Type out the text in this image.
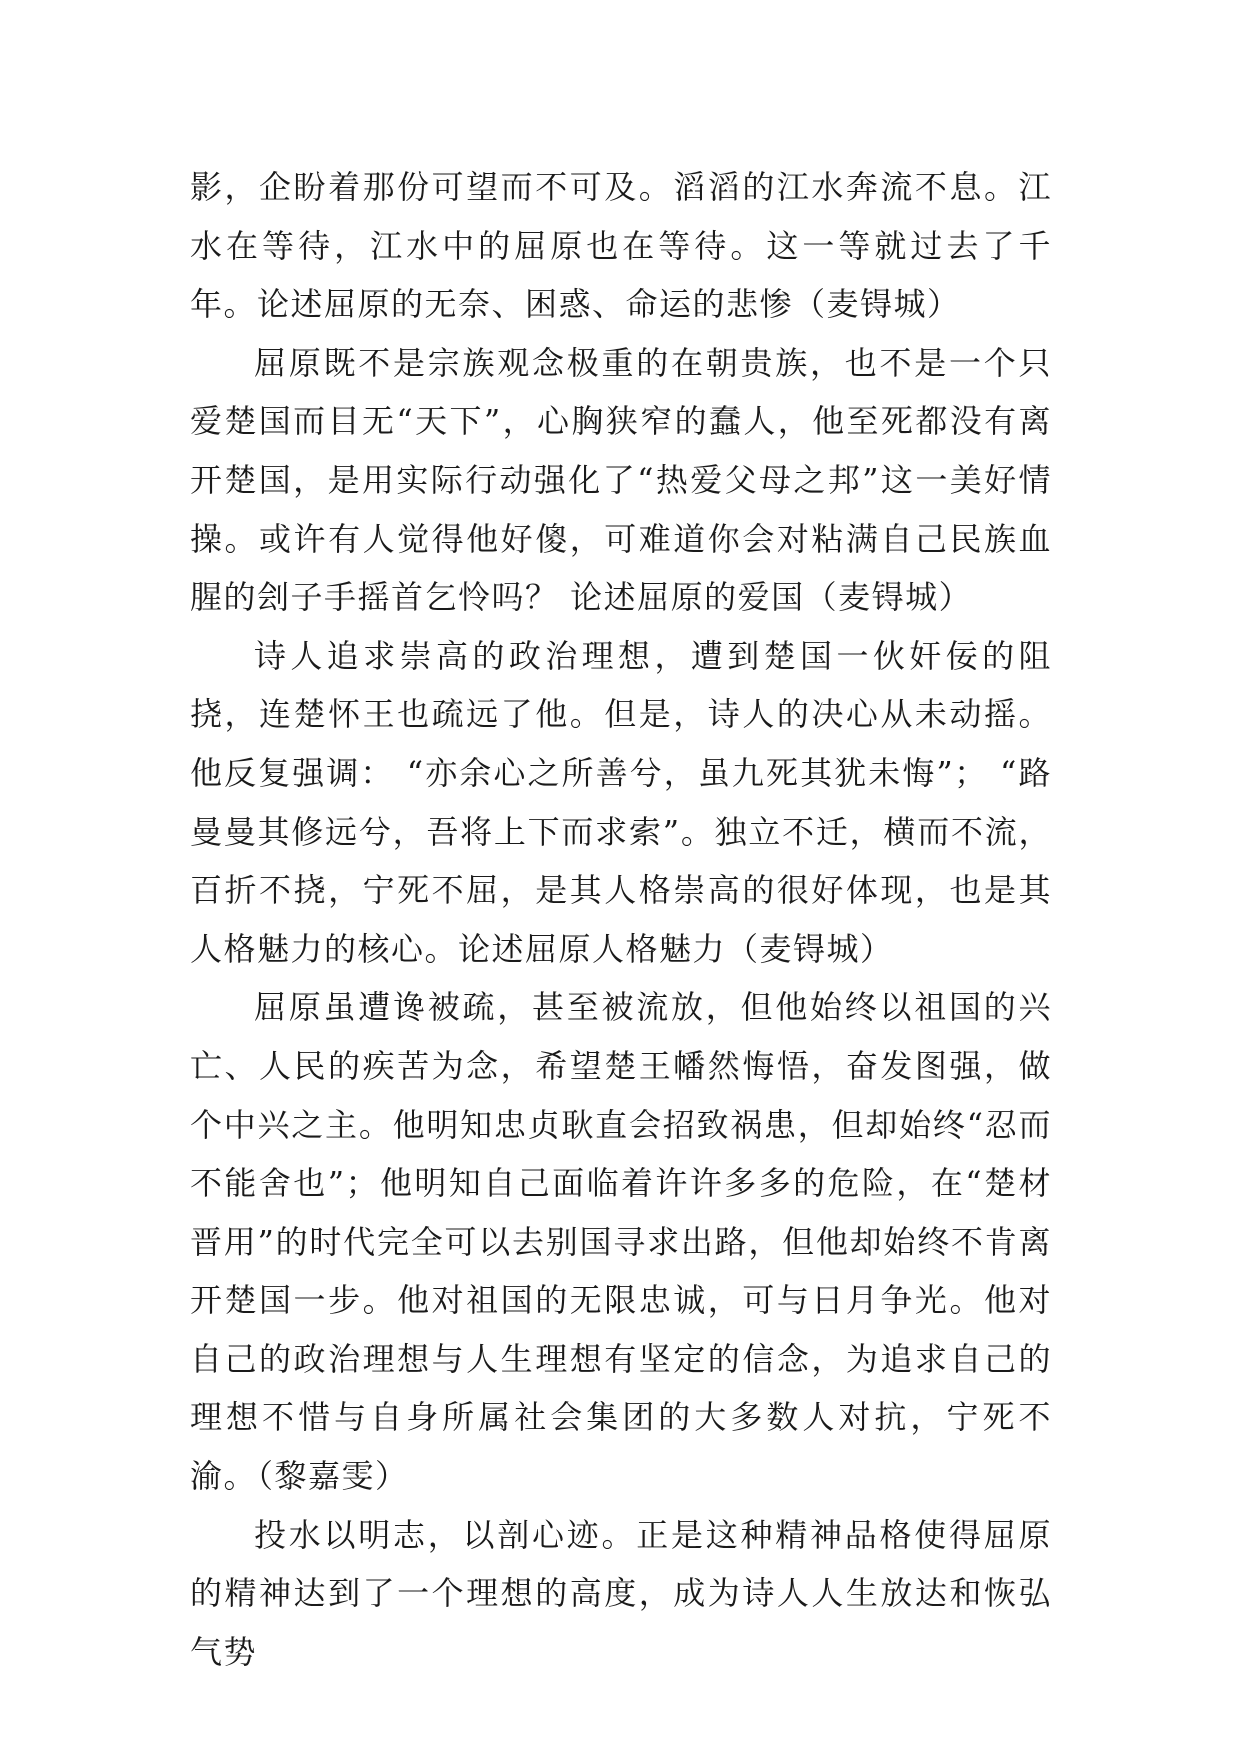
影，企盼着那份可望而不可及。滔滔的江水奔流不息。江水在等待，江水中的屈原也在等待。这一等就过去了千年。论述屈原的无奈、困惑、命运的悲惨（麦锝城）

屈原既不是宗族观念极重的在朝贵族，也不是一个只爱楚国而目无“天下”，心胸狭窄的蠢人，他至死都没有离开楚国，是用实际行动强化了“热爱父母之邦”这一美好情操。或许有人觉得他好傻，可难道你会对粘满自己民族血腥的刽子手摇首乞怜吗？ 论述屈原的爱国（麦锝城）

诗人追求崇高的政治理想，遭到楚国一伙奸佞的阻挠，连楚怀王也疏远了他。但是，诗人的决心从未动摇。他反复强调： “亦余心之所善兮，虽九死其犹未悔”； “路曼曼其修远兮，吾将上下而求索”。独立不迁，横而不流，百折不挠，宁死不屈，是其人格崇高的很好体现，也是其人格魅力的核心。论述屈原人格魅力（麦锝城）

屈原虽遭谗被疏，甚至被流放，但他始终以祖国的兴亡、人民的疾苦为念，希望楚王幡然悔悟，奋发图强，做个中兴之主。他明知忠贞耿直会招致祸患，但却始终“忍而不能舍也”；他明知自己面临着许许多多的危险，在“楚材晋用”的时代完全可以去别国寻求出路，但他却始终不肯离开楚国一步。他对祖国的无限忠诚，可与日月争光。他对自己的政治理想与人生理想有坚定的信念，为追求自己的理想不惜与自身所属社会集团的大多数人对抗，宁死不渝。（黎嘉雯）

投水以明志，以剖心迹。正是这种精神品格使得屈原的精神达到了一个理想的高度，成为诗人人生放达和恢弘气势
